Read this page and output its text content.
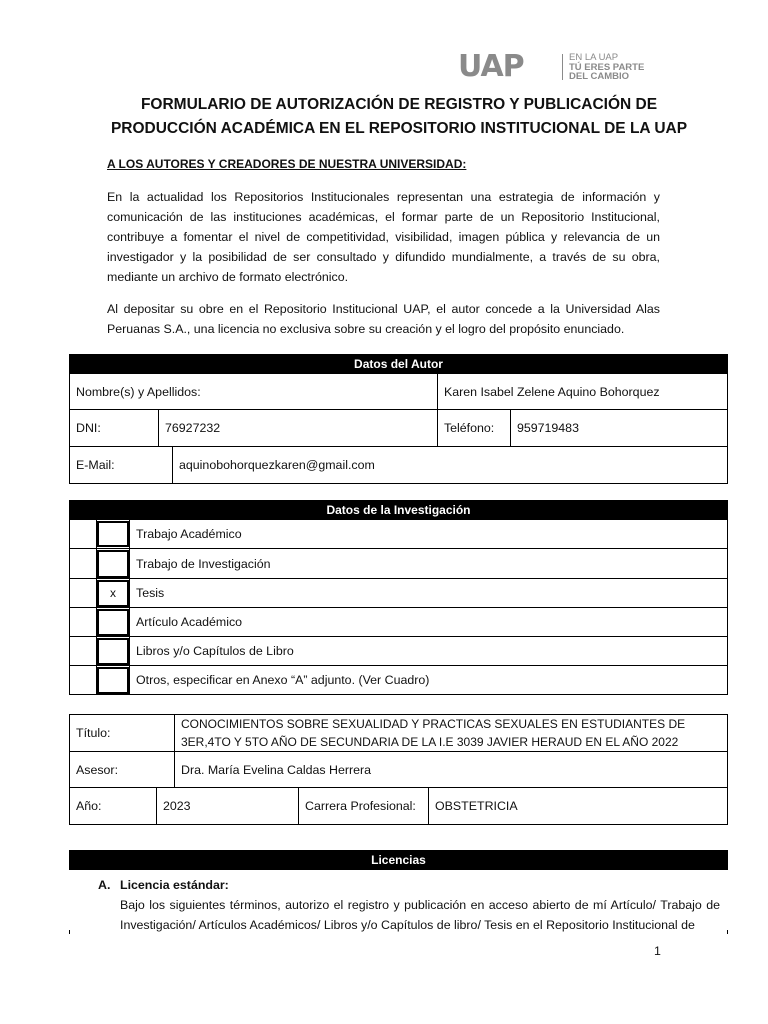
UAP	EN LA UAP
TÚ ERES PARTE
DEL CAMBIO
FORMULARIO DE AUTORIZACIÓN DE REGISTRO Y PUBLICACIÓN DE
PRODUCCIÓN ACADÉMICA EN EL REPOSITORIO INSTITUCIONAL DE LA UAP
A LOS AUTORES Y CREADORES DE NUESTRA UNIVERSIDAD:
En la actualidad los Repositorios Institucionales representan una estrategia de información y comunicación de las instituciones académicas, el formar parte de un Repositorio Institucional, contribuye a fomentar el nivel de competitividad, visibilidad, imagen pública y relevancia de un investigador y la posibilidad de ser consultado y difundido mundialmente, a través de su obra, mediante un archivo de formato electrónico.
Al depositar su obre en el Repositorio Institucional UAP, el autor concede a la Universidad Alas Peruanas S.A., una licencia no exclusiva sobre su creación y el logro del propósito enunciado.
Datos del Autor			
Nombre(s) y Apellidos:		Karen Isabel Zelene Aquino Bohorquez	
DNI:	76927232	Teléfono:	959719483

E-Mail: aquinobohorquezkaren@gmail.com			
Datos de la Investigación		

	Trabajo Académico

	Trabajo de Investigación

x	Tesis

	Artículo Académico

	Libros y/o Capítulos de Libro

	Otros, especificar en Anexo “A” adjunto. (Ver Cuadro)
Título:	CONOCIMIENTOS SOBRE SEXUALIDAD Y PRACTICAS SEXUALES EN ESTUDIANTES DE 3ER,4TO Y 5TO AÑO DE SECUNDARIA DE LA I.E 3039 JAVIER HERAUD EN EL AÑO 2022
Asesor:	Dra. María Evelina Caldas Herrera

Año: 2023 Carrera Profesional: OBSTETRICIA	
Licencias
A. Licencia estándar:
Bajo los siguientes términos, autorizo el registro y publicación en acceso abierto de mí Artículo/ Trabajo de Investigación/ Artículos Académicos/ Libros y/o Capítulos de libro/ Tesis en el Repositorio Institucional de
1
